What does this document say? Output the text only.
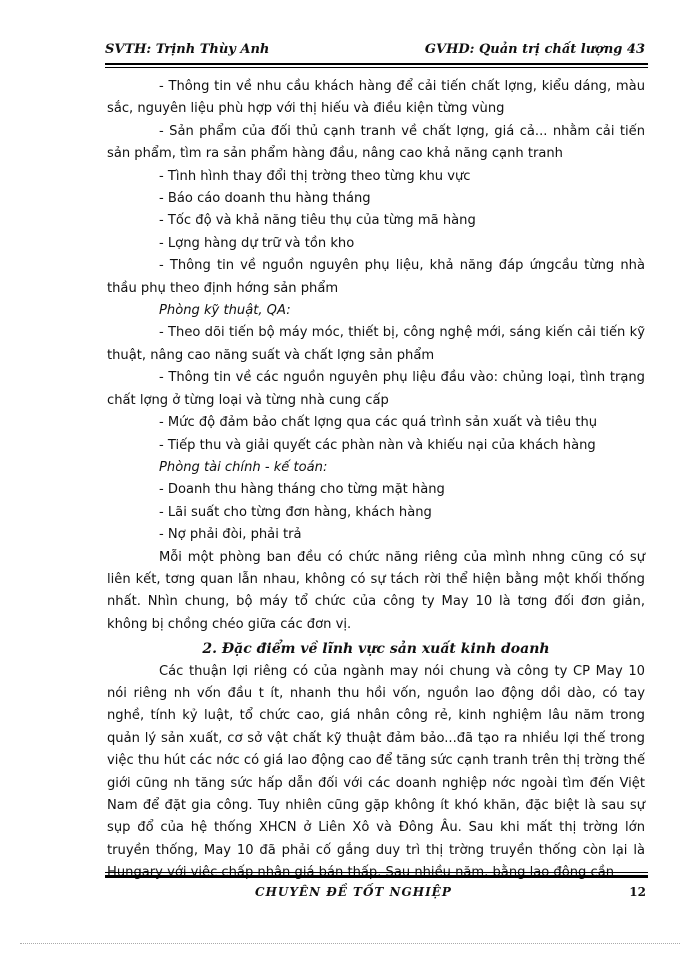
SVTH: Trịnh Thùy Anh	GVHD: Quản trị chất lượng 43

- Thông tin về nhu cầu khách hàng để cải tiến chất lợng, kiểu dáng, màu sắc, nguyên liệu phù hợp với thị hiếu và điều kiện từng vùng

- Sản phẩm của đối thủ cạnh tranh về chất lợng, giá cả... nhằm cải tiến sản phẩm, tìm ra sản phẩm hàng đầu, nâng cao khả năng cạnh tranh

- Tình hình thay đổi thị trờng theo từng khu vực

- Báo cáo doanh thu hàng tháng

- Tốc độ và khả năng tiêu thụ của từng mã hàng

- Lợng hàng dự trữ và tồn kho

- Thông tin về nguồn nguyên phụ liệu, khả năng đáp ứngcầu từng nhà thầu phụ theo định hớng sản phẩm

Phòng kỹ thuật, QA:

- Theo dõi tiến bộ máy móc, thiết bị, công nghệ mới, sáng kiến cải tiến kỹ thuật, nâng cao năng suất và chất lợng sản phẩm

- Thông tin về các nguồn nguyên phụ liệu đầu vào: chủng loại, tình trạng chất lợng ở từng loại và từng nhà cung cấp

- Mức độ đảm bảo chất lợng qua các quá trình sản xuất và tiêu thụ

- Tiếp thu và giải quyết các phàn nàn và khiếu nại của khách hàng

Phòng tài chính - kế toán:

- Doanh thu hàng tháng cho từng mặt hàng

- Lãi suất cho từng đơn hàng, khách hàng

- Nợ phải đòi, phải trả

Mỗi một phòng ban đều có chức năng riêng của mình nhng cũng có sự liên kết, tơng quan lẫn nhau, không có sự tách rời thể hiện bằng một khối thống nhất. Nhìn chung, bộ máy tổ chức của công ty May 10 là tơng đối đơn giản, không bị chồng chéo giữa các đơn vị.

2. Đặc điểm về lĩnh vực sản xuất kinh doanh

Các thuận lợi riêng có của ngành may nói chung và công ty CP May 10 nói riêng nh vốn đầu t ít, nhanh thu hồi vốn, nguồn lao động dồi dào, có tay nghề, tính kỷ luật, tổ chức cao, giá nhân công rẻ, kinh nghiệm lâu năm trong quản lý sản xuất, cơ sở vật chất kỹ thuật đảm bảo...đã tạo ra nhiều lợi thế trong việc thu hút các nớc có giá lao động cao để tăng sức cạnh tranh trên thị trờng thế giới cũng nh tăng sức hấp dẫn đối với các doanh nghiệp nớc ngoài tìm đến Việt Nam để đặt gia công. Tuy nhiên cũng gặp không ít khó khăn, đặc biệt là sau sự sụp đổ của hệ thống XHCN ở Liên Xô và Đông Âu. Sau khi mất thị trờng lớn truyền thống, May 10 đã phải cố gắng duy trì thị trờng truyền thống còn lại là

CHUYÊN ĐỀ TỐT NGHIỆP	12
